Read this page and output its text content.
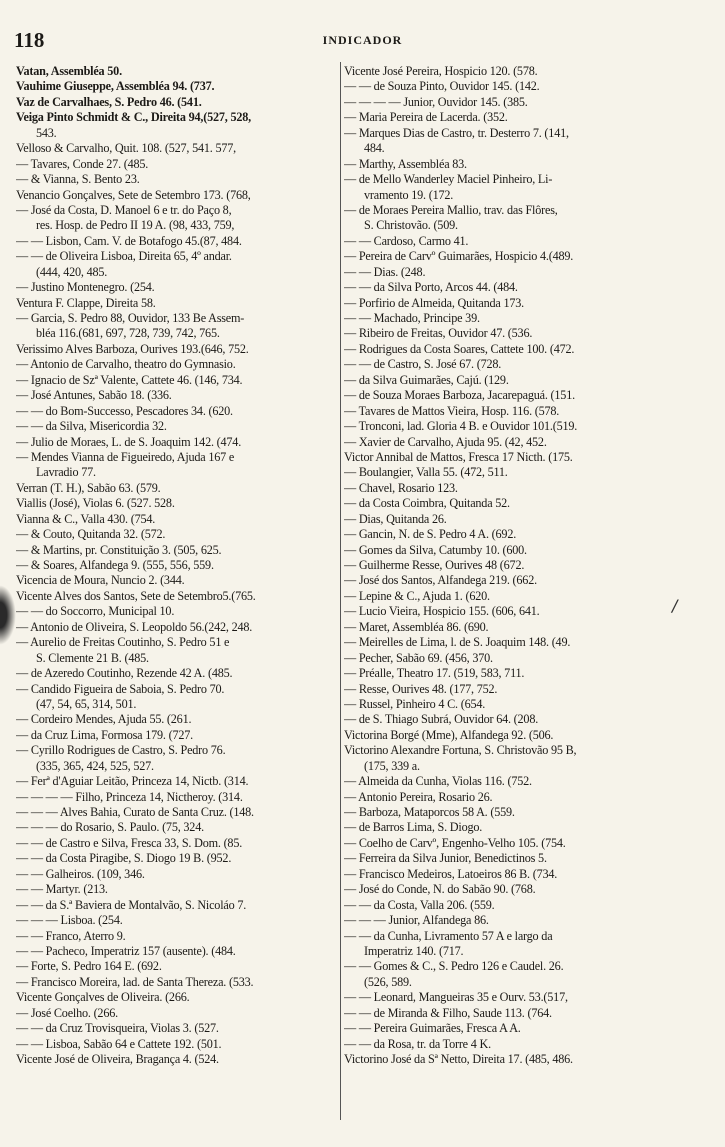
118	INDICADOR
Vatan, Assembléa 50.
Vauhime Giuseppe, Assembléa 94. (737.
Vaz de Carvalhaes, S. Pedro 46. (541.
Veiga Pinto Schmidt & C., Direita 94,(527, 528,
543.
Velloso & Carvalho, Quit. 108. (527, 541. 577,
— Tavares, Conde 27. (485.
— & Vianna, S. Bento 23.
Venancio Gonçalves, Sete de Setembro 173. (768,
— José da Costa, D. Manoel 6 e tr. do Paço 8,
res. Hosp. de Pedro II 19 A. (98, 433, 759,
— — Lisbon, Cam. V. de Botafogo 45.(87, 484.
— — de Oliveira Lisboa, Direita 65, 4º andar.
(444, 420, 485.
— Justino Montenegro. (254.
Ventura F. Clappe, Direita 58.
— Garcia, S. Pedro 88, Ouvidor, 133 Be Assem-
bléa 116.(681, 697, 728, 739, 742, 765.
Verissimo Alves Barboza, Ourives 193.(646, 752.
— Antonio de Carvalho, theatro do Gymnasio.
— Ignacio de Szª Valente, Cattete 46. (146, 734.
— José Antunes, Sabão 18. (336.
— — do Bom-Successo, Pescadores 34. (620.
— — da Silva, Misericordia 32.
— Julio de Moraes, L. de S. Joaquim 142. (474.
— Mendes Vianna de Figueiredo, Ajuda 167 e
Lavradio 77.
Verran (T. H.), Sabão 63. (579.
Viallis (José), Violas 6. (527. 528.
Vianna & C., Valla 430. (754.
— & Couto, Quitanda 32. (572.
— & Martins, pr. Constituição 3. (505, 625.
— & Soares, Alfandega 9. (555, 556, 559.
Vicencia de Moura, Nuncio 2. (344.
Vicente Alves dos Santos, Sete de Setembro5.(765.
— — do Soccorro, Municipal 10.
— Antonio de Oliveira, S. Leopoldo 56.(242, 248.
— Aurelio de Freitas Coutinho, S. Pedro 51 e
S. Clemente 21 B. (485.
— de Azeredo Coutinho, Rezende 42 A. (485.
— Candido Figueira de Saboia, S. Pedro 70.
(47, 54, 65, 314, 501.
— Cordeiro Mendes, Ajuda 55. (261.
— da Cruz Lima, Formosa 179. (727.
— Cyrillo Rodrigues de Castro, S. Pedro 76.
(335, 365, 424, 525, 527.
— Ferª d'Aguiar Leitão, Princeza 14, Nictb. (314.
— — — — Filho, Princeza 14, Nictheroy. (314.
— — — Alves Bahia, Curato de Santa Cruz. (148.
— — — do Rosario, S. Paulo. (75, 324.
— — de Castro e Silva, Fresca 33, S. Dom. (85.
— — da Costa Piragibe, S. Diogo 19 B. (952.
— — Galheiros. (109, 346.
— — Martyr. (213.
— — da S.ª Baviera de Montalvão, S. Nicoláo 7.
— — — Lisboa. (254.
— — Franco, Aterro 9.
— — Pacheco, Imperatriz 157 (ausente). (484.
— Forte, S. Pedro 164 E. (692.
— Francisco Moreira, lad. de Santa Thereza. (533.
Vicente Gonçalves de Oliveira. (266.
— José Coelho. (266.
— — da Cruz Trovisqueira, Violas 3. (527.
— — Lisboa, Sabão 64 e Cattete 192. (501.
Vicente José de Oliveira, Bragança 4. (524.
Vicente José Pereira, Hospicio 120. (578.
— — de Souza Pinto, Ouvidor 145. (142.
— — — — Junior, Ouvidor 145. (385.
— Maria Pereira de Lacerda. (352.
— Marques Dias de Castro, tr. Desterro 7. (141,
484.
— Marthy, Assembléa 83.
— de Mello Wanderley Maciel Pinheiro, Li-
vramento 19. (172.
— de Moraes Pereira Mallio, trav. das Flôres,
S. Christovão. (509.
— — Cardoso, Carmo 41.
— Pereira de Carvº Guimarães, Hospicio 4.(489.
— — Dias. (248.
— — da Silva Porto, Arcos 44. (484.
— Porfirio de Almeida, Quitanda 173.
— — Machado, Principe 39.
— Ribeiro de Freitas, Ouvidor 47. (536.
— Rodrigues da Costa Soares, Cattete 100. (472.
— — de Castro, S. José 67. (728.
— da Silva Guimarães, Cajú. (129.
— de Souza Moraes Barboza, Jacarepaguá. (151.
— Tavares de Mattos Vieira, Hosp. 116. (578.
— Tronconi, lad. Gloria 4 B. e Ouvidor 101.(519.
— Xavier de Carvalho, Ajuda 95. (42, 452.
Victor Annibal de Mattos, Fresca 17 Nicth. (175.
— Boulangier, Valla 55. (472, 511.
— Chavel, Rosario 123.
— da Costa Coimbra, Quitanda 52.
— Dias, Quitanda 26.
— Gancin, N. de S. Pedro 4 A. (692.
— Gomes da Silva, Catumby 10. (600.
— Guilherme Resse, Ourives 48 (672.
— José dos Santos, Alfandega 219. (662.
— Lepine & C., Ajuda 1. (620.
— Lucio Vieira, Hospicio 155. (606, 641.
— Maret, Assembléa 86. (690.
— Meirelles de Lima, l. de S. Joaquim 148. (49.
— Pecher, Sabão 69. (456, 370.
— Préalle, Theatro 17. (519, 583, 711.
— Resse, Ourives 48. (177, 752.
— Russel, Pinheiro 4 C. (654.
— de S. Thiago Subrá, Ouvidor 64. (208.
Victorina Borgé (Mme), Alfandega 92. (506.
Victorino Alexandre Fortuna, S. Christovão 95 B,
(175, 339 a.
— Almeida da Cunha, Violas 116. (752.
— Antonio Pereira, Rosario 26.
— Barboza, Mataporcos 58 A. (559.
— de Barros Lima, S. Diogo.
— Coelho de Carvº, Engenho-Velho 105. (754.
— Ferreira da Silva Junior, Benedictinos 5.
— Francisco Medeiros, Latoeiros 86 B. (734.
— José do Conde, N. do Sabão 90. (768.
— — da Costa, Valla 206. (559.
— — — Junior, Alfandega 86.
— — da Cunha, Livramento 57 A e largo da
Imperatriz 140. (717.
— — Gomes & C., S. Pedro 126 e Caudel. 26.
(526, 589.
— — Leonard, Mangueiras 35 e Ourv. 53.(517,
— — de Miranda & Filho, Saude 113. (764.
— — Pereira Guimarães, Fresca A A.
— — da Rosa, tr. da Torre 4 K.
Victorino José da Sª Netto, Direita 17. (485, 486.
/
